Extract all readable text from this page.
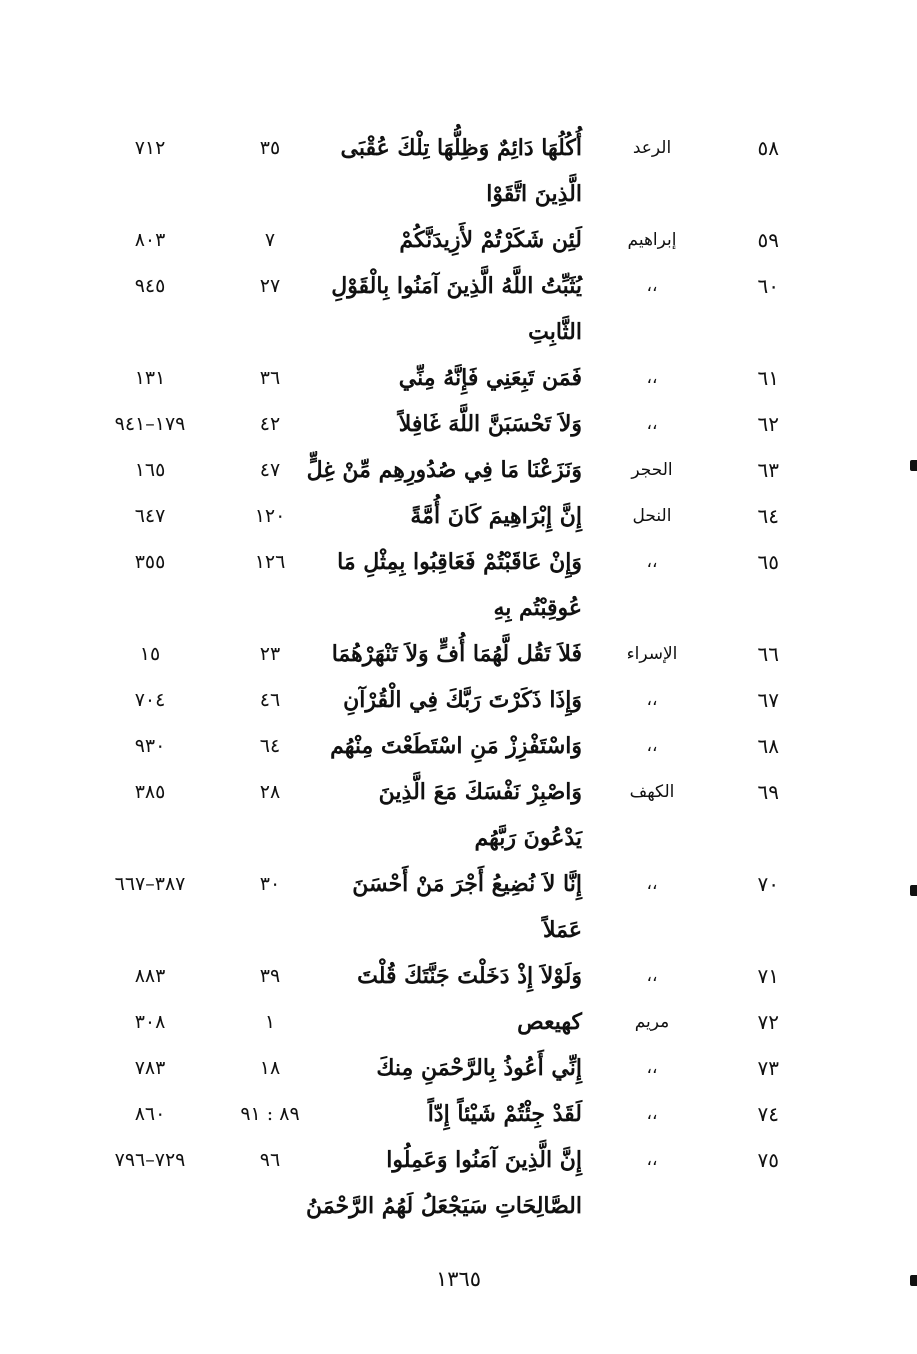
٥٨
الرعد
أُكُلُهَا دَائِمٌ وَظِلُّهَا تِلْكَ عُقْبَى
٣٥
٧١٢
الَّذِينَ اتَّقَوْا
٥٩
إبراهيم
لَئِن شَكَرْتُمْ لأَزِيدَنَّكُمْ
٧
٨٠٣
٦٠
،،
يُثَبِّتُ اللَّهُ الَّذِينَ آمَنُوا بِالْقَوْلِ
٢٧
٩٤٥
الثَّابِتِ
٦١
،،
فَمَن تَبِعَنِي فَإِنَّهُ مِنِّي
٣٦
١٣١
٦٢
،،
وَلاَ تَحْسَبَنَّ اللَّهَ غَافِلاً
٤٢
١٧٩–٩٤١
٦٣
الحجر
وَنَزَعْنَا مَا فِي صُدُورِهِم مِّنْ غِلٍّ
٤٧
١٦٥
٦٤
النحل
إِنَّ إِبْرَاهِيمَ كَانَ أُمَّةً
١٢٠
٦٤٧
٦٥
،،
وَإِنْ عَاقَبْتُمْ فَعَاقِبُوا بِمِثْلِ مَا
١٢٦
٣٥٥
عُوقِبْتُم بِهِ
٦٦
الإسراء
فَلاَ تَقُل لَّهُمَا أُفٍّ وَلاَ تَنْهَرْهُمَا
٢٣
١٥
٦٧
،،
وَإِذَا ذَكَرْتَ رَبَّكَ فِي الْقُرْآنِ
٤٦
٧٠٤
٦٨
،،
وَاسْتَفْزِزْ مَنِ اسْتَطَعْتَ مِنْهُم
٦٤
٩٣٠
٦٩
الكهف
وَاصْبِرْ نَفْسَكَ مَعَ الَّذِينَ
٢٨
٣٨٥
يَدْعُونَ رَبَّهُم
٧٠
،،
إِنَّا لاَ نُضِيعُ أَجْرَ مَنْ أَحْسَنَ
٣٠
٣٨٧–٦٦٧
عَمَلاً
٧١
،،
وَلَوْلاَ إِذْ دَخَلْتَ جَنَّتَكَ قُلْتَ
٣٩
٨٨٣
٧٢
مريم
كهيعص
١
٣٠٨
٧٣
،،
إِنِّي أَعُوذُ بِالرَّحْمَنِ مِنكَ
١٨
٧٨٣
٧٤
،،
لَقَدْ جِئْتُمْ شَيْئاً إِدّاً
٨٩ : ٩١
٨٦٠
٧٥
،،
إِنَّ الَّذِينَ آمَنُوا وَعَمِلُوا
٩٦
٧٢٩–٧٩٦
الصَّالِحَاتِ سَيَجْعَلُ لَهُمُ الرَّحْمَنُ
١٣٦٥
